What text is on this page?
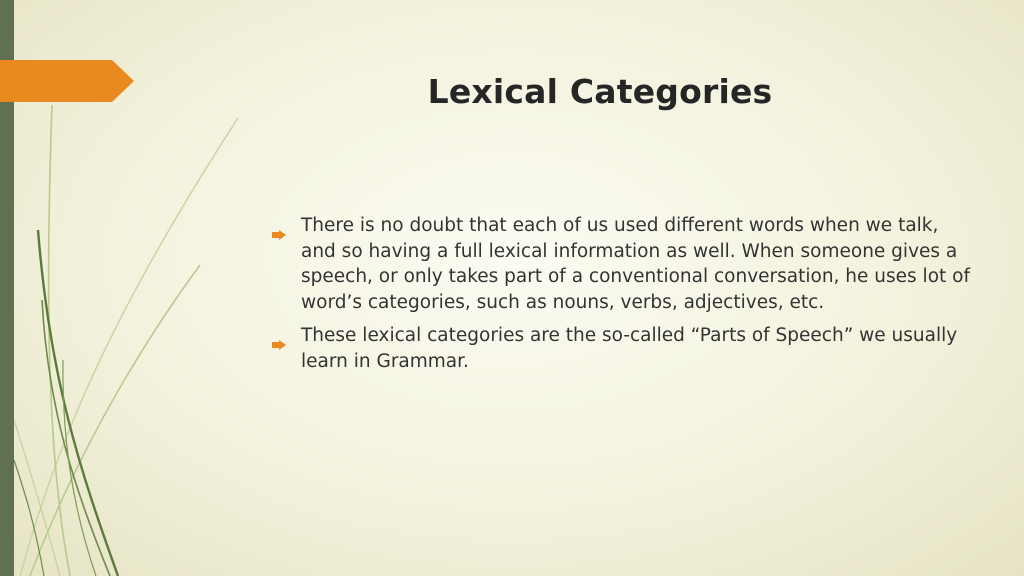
Lexical Categories
There is no doubt that each of us used different words when we talk, and so having a full lexical information as well. When someone gives a speech, or only takes part of a conventional conversation, he uses lot of word’s categories, such as nouns, verbs, adjectives, etc.
These lexical categories are the so-called “Parts of Speech” we usually learn in Grammar.
